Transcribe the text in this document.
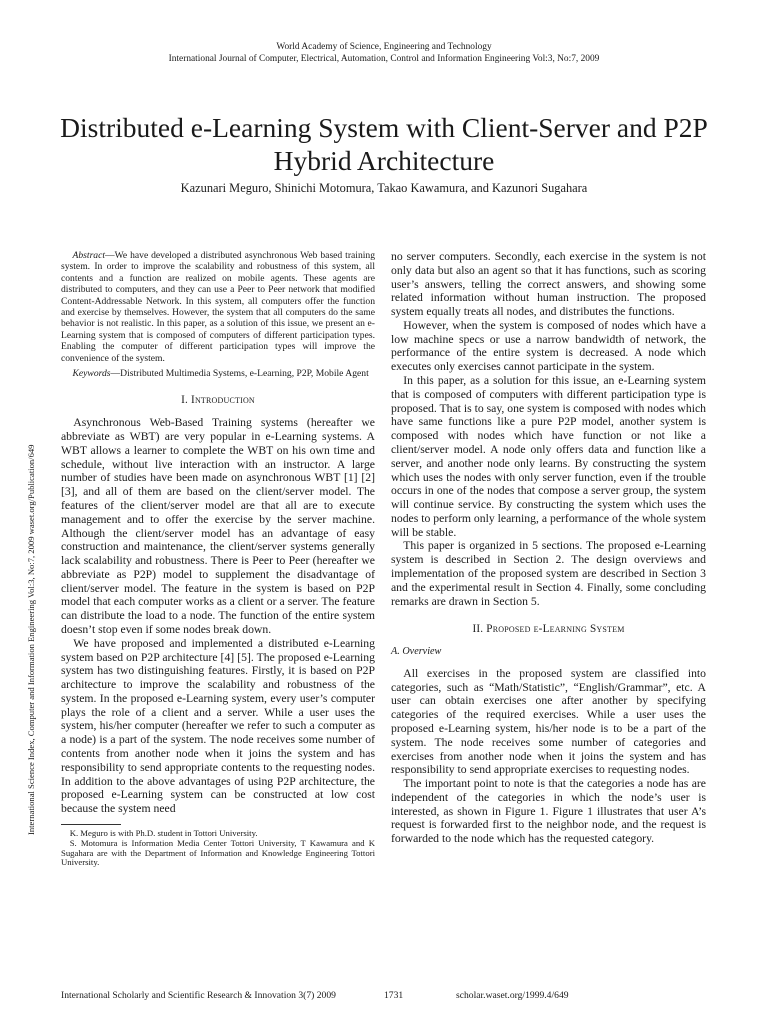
World Academy of Science, Engineering and Technology
International Journal of Computer, Electrical, Automation, Control and Information Engineering Vol:3, No:7, 2009
Distributed e-Learning System with Client-Server and P2P Hybrid Architecture
Kazunari Meguro, Shinichi Motomura, Takao Kawamura, and Kazunori Sugahara
International Science Index, Computer and Information Engineering Vol:3, No:7, 2009 waset.org/Publication/649

Abstract—We have developed a distributed asynchronous Web based training system. In order to improve the scalability and robustness of this system, all contents and a function are realized on mobile agents. These agents are distributed to computers, and they can use a Peer to Peer network that modified Content-Addressable Network. In this system, all computers offer the function and exercise by themselves. However, the system that all computers do the same behavior is not realistic. In this paper, as a solution of this issue, we present an e-Learning system that is composed of computers of different participation types. Enabling the computer of different participation types will improve the convenience of the system.

Keywords—Distributed Multimedia Systems, e-Learning, P2P, Mobile Agent

I. Introduction

Asynchronous Web-Based Training systems (hereafter we abbreviate as WBT) are very popular in e-Learning systems. A WBT allows a learner to complete the WBT on his own time and schedule, without live interaction with an instructor. A large number of studies have been made on asynchronous WBT [1] [2] [3], and all of them are based on the client/server model. The features of the client/server model are that all are to execute management and to offer the exercise by the server machine. Although the client/server model has an advantage of easy construction and maintenance, the client/server systems generally lack scalability and robustness. There is Peer to Peer (hereafter we abbreviate as P2P) model to supplement the disadvantage of client/server model. The feature in the system is based on P2P model that each computer works as a client or a server. The feature can distribute the load to a node. The function of the entire system doesn’t stop even if some nodes break down.

We have proposed and implemented a distributed e-Learning system based on P2P architecture [4] [5]. The proposed e-Learning system has two distinguishing features. Firstly, it is based on P2P architecture to improve the scalability and robustness of the system. In the proposed e-Learning system, every user’s computer plays the role of a client and a server. While a user uses the system, his/her computer (hereafter we refer to such a computer as a node) is a part of the system. The node receives some number of contents from another node when it joins the system and has responsibility to send appropriate contents to the requesting nodes. In addition to the above advantages of using P2P architecture, the proposed e-Learning system can be constructed at low cost because the system need

K. Meguro is with Ph.D. student in Tottori University.

S. Motomura is Information Media Center Tottori University, T Kawamura and K Sugahara are with the Department of Information and Knowledge Engineering Tottori University.

no server computers. Secondly, each exercise in the system is not only data but also an agent so that it has functions, such as scoring user’s answers, telling the correct answers, and showing some related information without human instruction. The proposed system equally treats all nodes, and distributes the functions.

However, when the system is composed of nodes which have a low machine specs or use a narrow bandwidth of network, the performance of the entire system is decreased. A node which executes only exercises cannot participate in the system.

In this paper, as a solution for this issue, an e-Learning system that is composed of computers with different participation type is proposed. That is to say, one system is composed with nodes which have same functions like a pure P2P model, another system is composed with nodes which have function or not like a client/server model. A node only offers data and function like a server, and another node only learns. By constructing the system which uses the nodes with only server function, even if the trouble occurs in one of the nodes that compose a server group, the system will continue service. By constructing the system which uses the nodes to perform only learning, a performance of the whole system will be stable.

This paper is organized in 5 sections. The proposed e-Learning system is described in Section 2. The design overviews and implementation of the proposed system are described in Section 3 and the experimental result in Section 4. Finally, some concluding remarks are drawn in Section 5.

II. Proposed e-Learning System
A. Overview

All exercises in the proposed system are classified into categories, such as “Math/Statistic”, “English/Grammar”, etc. A user can obtain exercises one after another by specifying categories of the required exercises. While a user uses the proposed e-Learning system, his/her node is to be a part of the system. The node receives some number of categories and exercises from another node when it joins the system and has responsibility to send appropriate exercises to requesting nodes.

The important point to note is that the categories a node has are independent of the categories in which the node’s user is interested, as shown in Figure 1. Figure 1 illustrates that user A’s request is forwarded first to the neighbor node, and the request is forwarded to the node which has the requested category.

International Scholarly and Scientific Research & Innovation 3(7) 2009	1731	scholar.waset.org/1999.4/649
